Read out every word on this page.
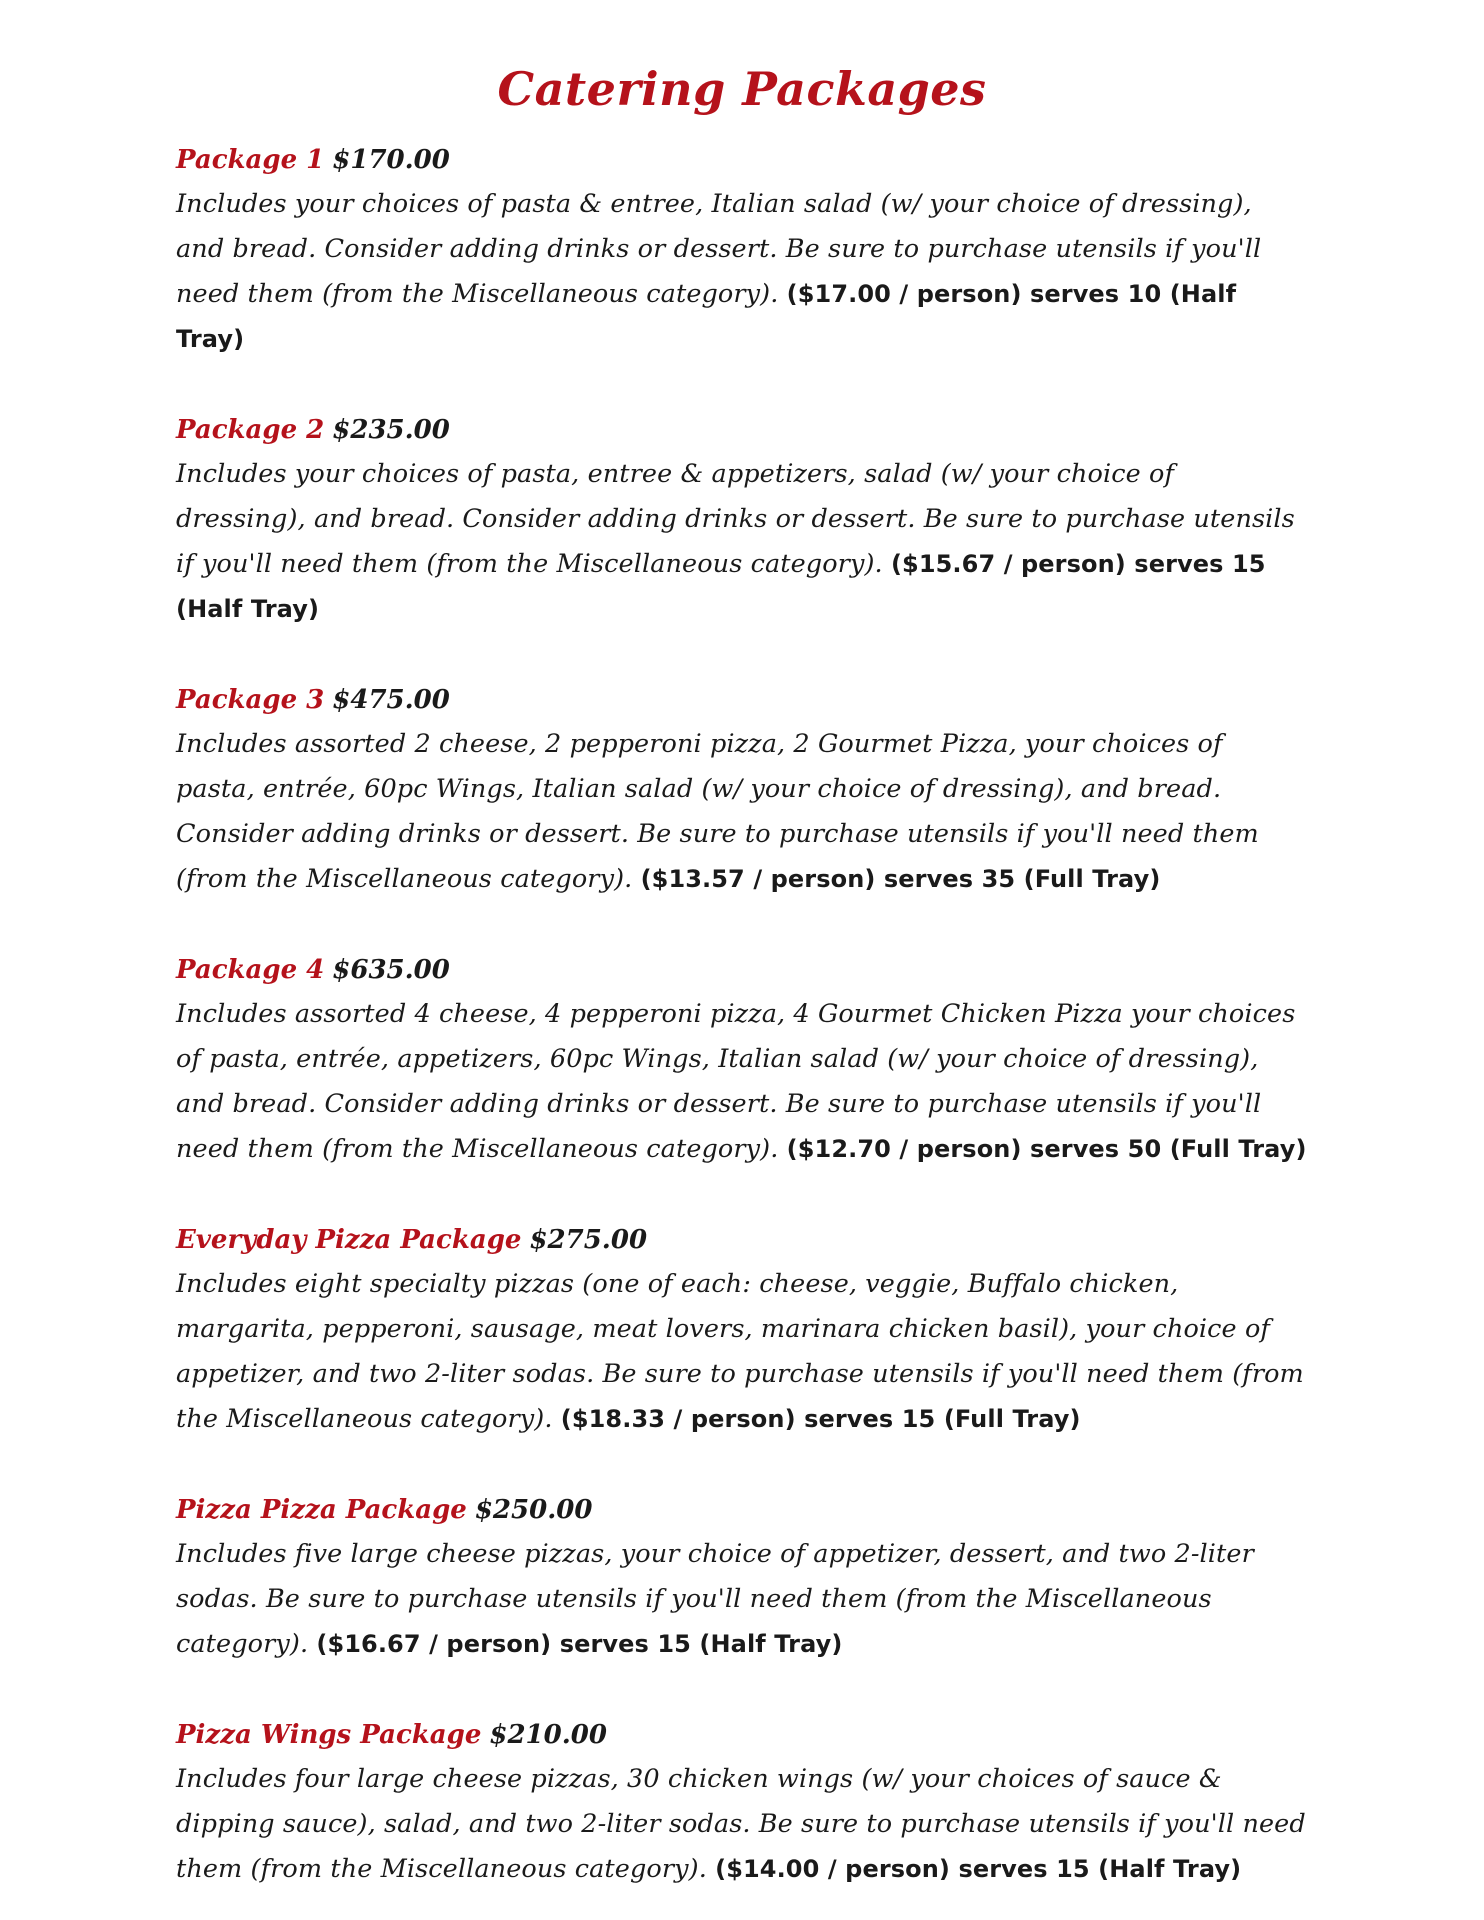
Catering Packages

Package 1 $170.00

Includes your choices of pasta & entree, Italian salad (w/ your choice of dressing), and bread. Consider adding drinks or dessert. Be sure to purchase utensils if you'll need them (from the Miscellaneous category). ($17.00 / person) serves 10 (Half Tray)

Package 2 $235.00

Includes your choices of pasta, entree & appetizers, salad (w/ your choice of dressing), and bread. Consider adding drinks or dessert. Be sure to purchase utensils if you'll need them (from the Miscellaneous category). ($15.67 / person) serves 15 (Half Tray)

Package 3 $475.00

Includes assorted 2 cheese, 2 pepperoni pizza, 2 Gourmet Pizza, your choices of pasta, entrée, 60pc Wings, Italian salad (w/ your choice of dressing), and bread. Consider adding drinks or dessert. Be sure to purchase utensils if you'll need them (from the Miscellaneous category). ($13.57 / person) serves 35 (Full Tray)

Package 4 $635.00

Includes assorted 4 cheese, 4 pepperoni pizza, 4 Gourmet Chicken Pizza your choices of pasta, entrée, appetizers, 60pc Wings, Italian salad (w/ your choice of dressing), and bread. Consider adding drinks or dessert. Be sure to purchase utensils if you'll need them (from the Miscellaneous category). ($12.70 / person) serves 50 (Full Tray)

Everyday Pizza Package $275.00

Includes eight specialty pizzas (one of each: cheese, veggie, Buffalo chicken, margarita, pepperoni, sausage, meat lovers, marinara chicken basil), your choice of appetizer, and two 2-liter sodas. Be sure to purchase utensils if you'll need them (from the Miscellaneous category). ($18.33 / person) serves 15 (Full Tray)

Pizza Pizza Package $250.00

Includes five large cheese pizzas, your choice of appetizer, dessert, and two 2-liter sodas. Be sure to purchase utensils if you'll need them (from the Miscellaneous category). ($16.67 / person) serves 15 (Half Tray)

Pizza Wings Package $210.00

Includes four large cheese pizzas, 30 chicken wings (w/ your choices of sauce & dipping sauce), salad, and two 2-liter sodas. Be sure to purchase utensils if you'll need them (from the Miscellaneous category). ($14.00 / person) serves 15 (Half Tray)
